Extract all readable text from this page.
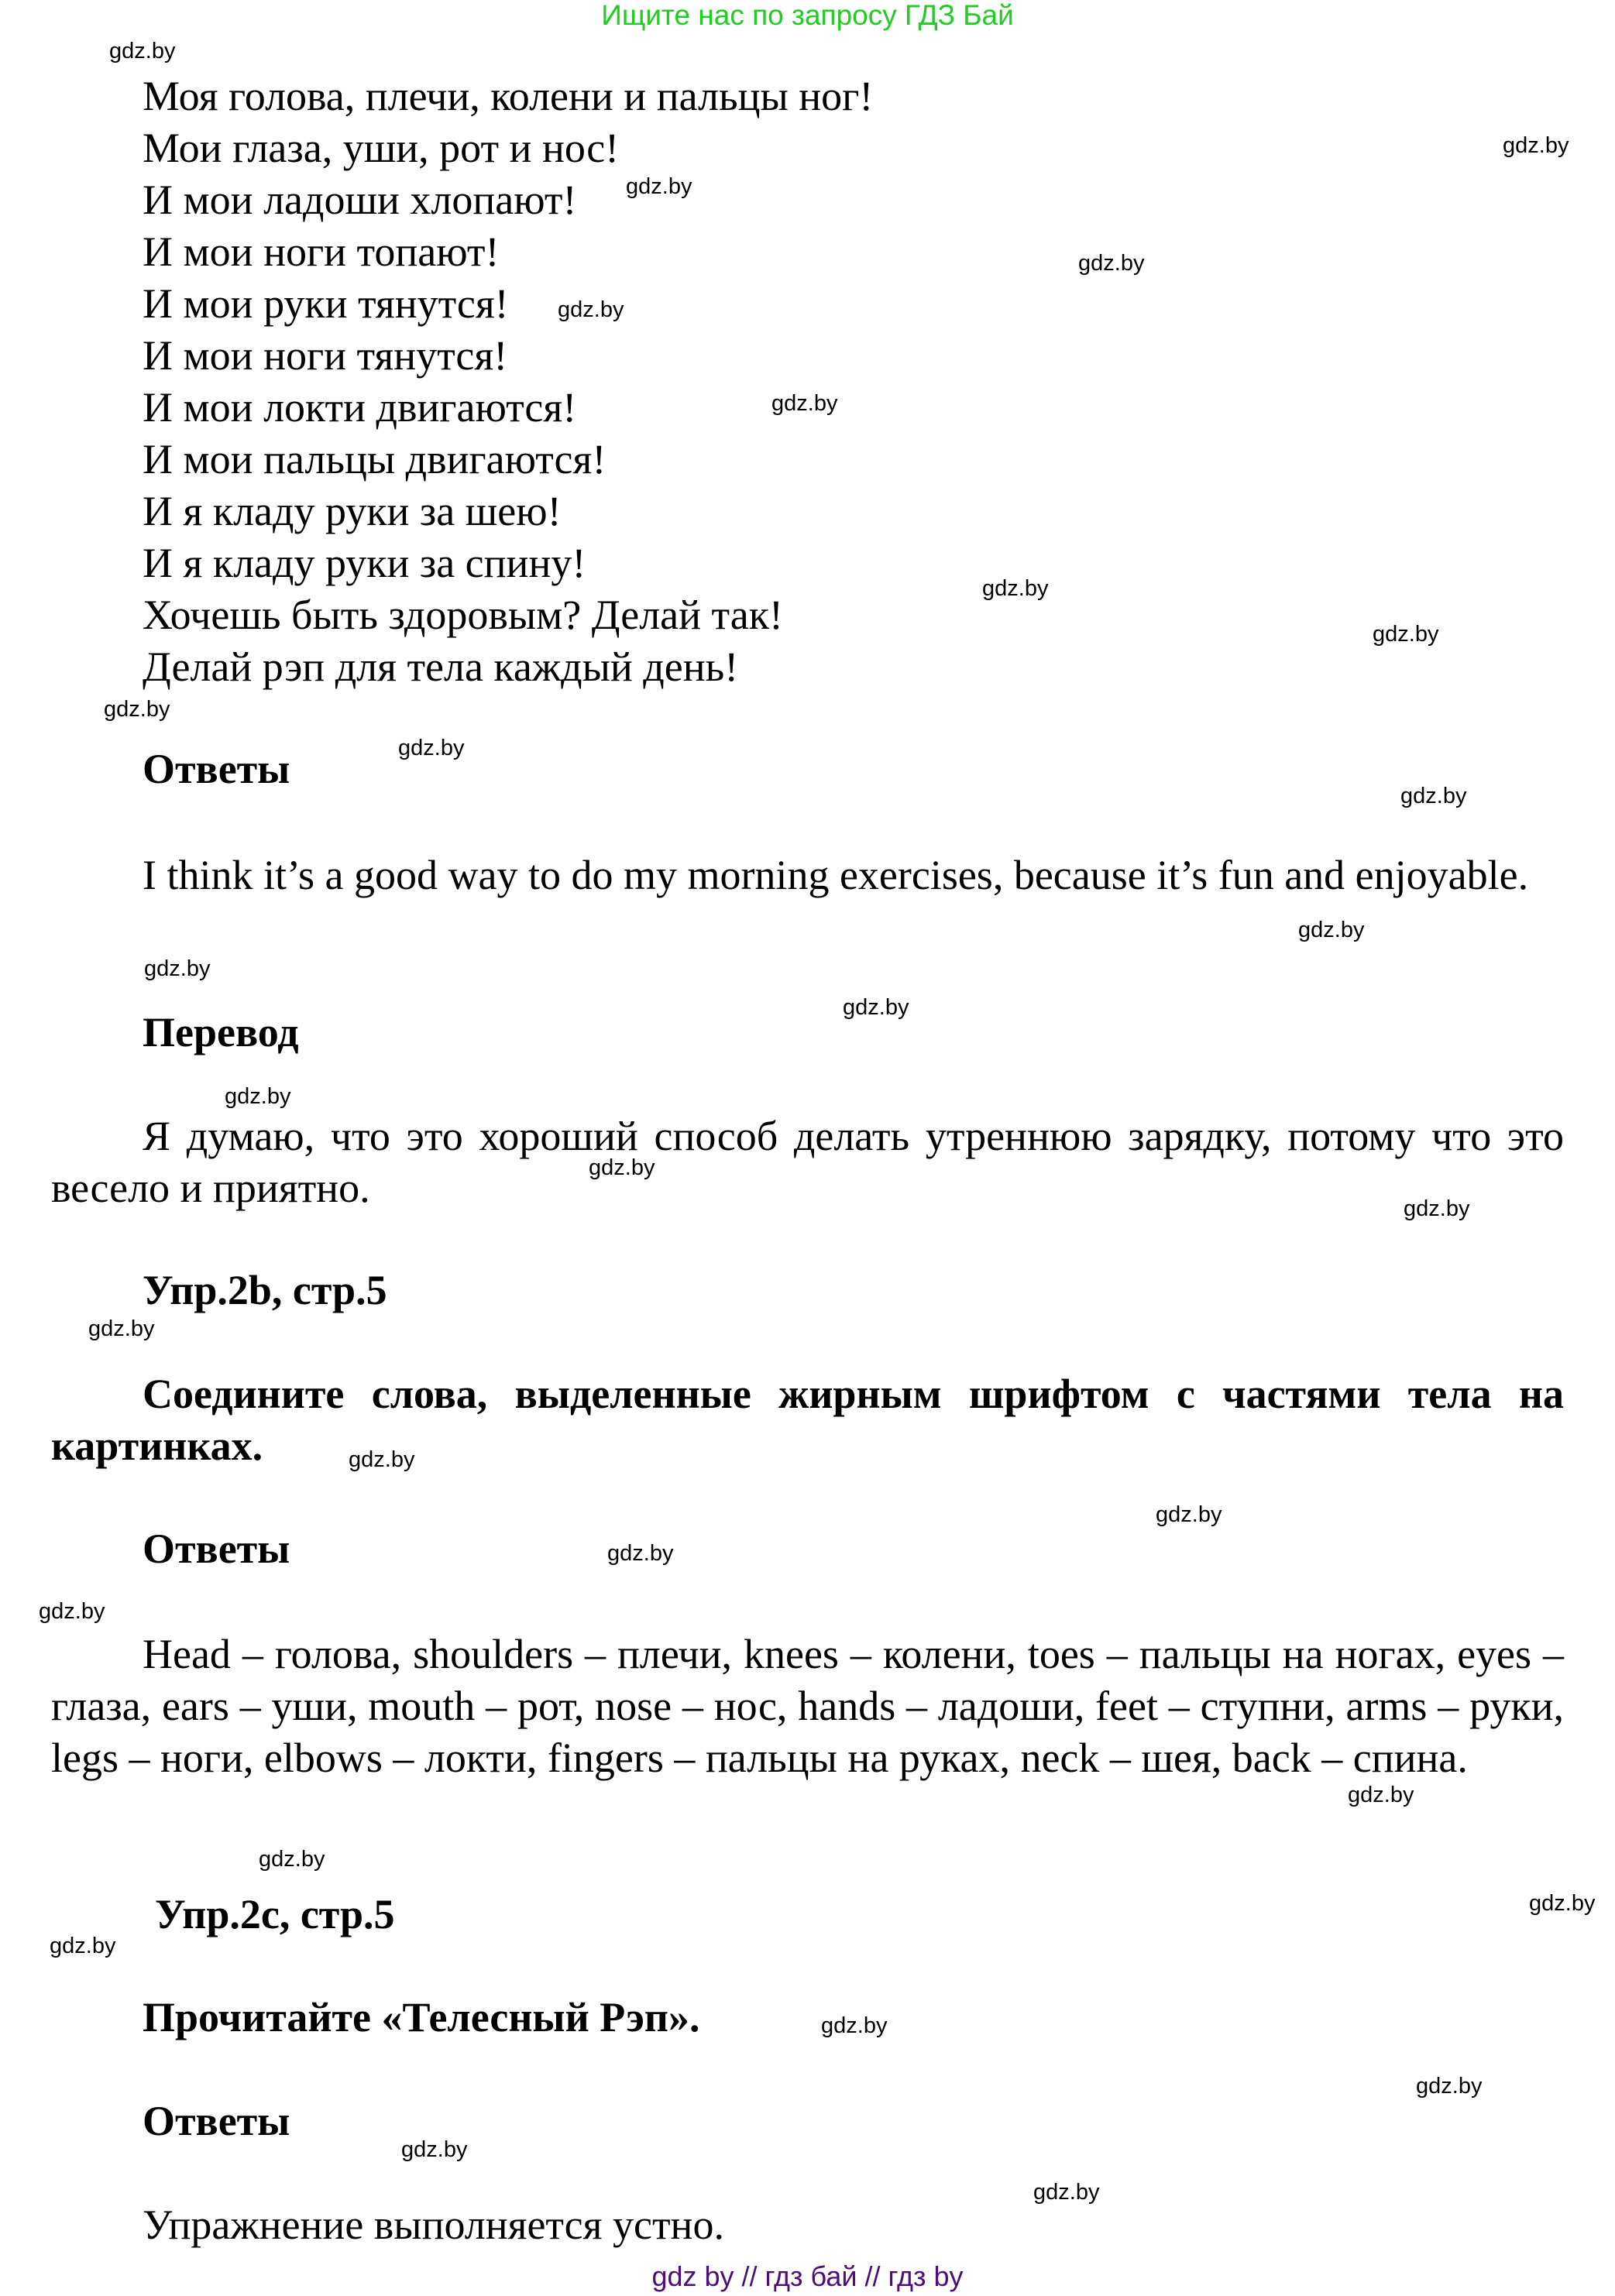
Ищите нас по запросу ГДЗ Бай
Моя голова, плечи, колени и пальцы ног!
Мои глаза, уши, рот и нос!
И мои ладоши хлопают!
И мои ноги топают!
И мои руки тянутся!
И мои ноги тянутся!
И мои локти двигаются!
И мои пальцы двигаются!
И я кладу руки за шею!
И я кладу руки за спину!
Хочешь быть здоровым? Делай так!
Делай рэп для тела каждый день!
Ответы
I think it’s a good way to do my morning exercises, because it’s fun and enjoyable.
Перевод
Я думаю, что это хороший способ делать утреннюю зарядку, потому что это весело и приятно.
Упр.2b, стр.5
Соедините слова, выделенные жирным шрифтом с частями тела на картинках.
Ответы
Head – голова, shoulders – плечи, knees – колени, toes – пальцы на ногах, eyes – глаза, ears – уши, mouth – рот, nose – нос, hands – ладоши, feet – ступни, arms – руки, legs – ноги, elbows – локти, fingers – пальцы на руках, neck – шея, back – спина.
Упр.2c, стр.5
Прочитайте «Телесный Рэп».
Ответы
Упражнение выполняется устно.
gdz.by
gdz.by
gdz.by
gdz.by
gdz.by
gdz.by
gdz.by
gdz.by
gdz.by
gdz.by
gdz.by
gdz.by
gdz.by
gdz.by
gdz.by
gdz.by
gdz.by
gdz.by
gdz.by
gdz.by
gdz.by
gdz.by
gdz.by
gdz.by
gdz.by
gdz.by
gdz.by
gdz.by
gdz.by
gdz.by
gdz by // гдз бай // гдз by
